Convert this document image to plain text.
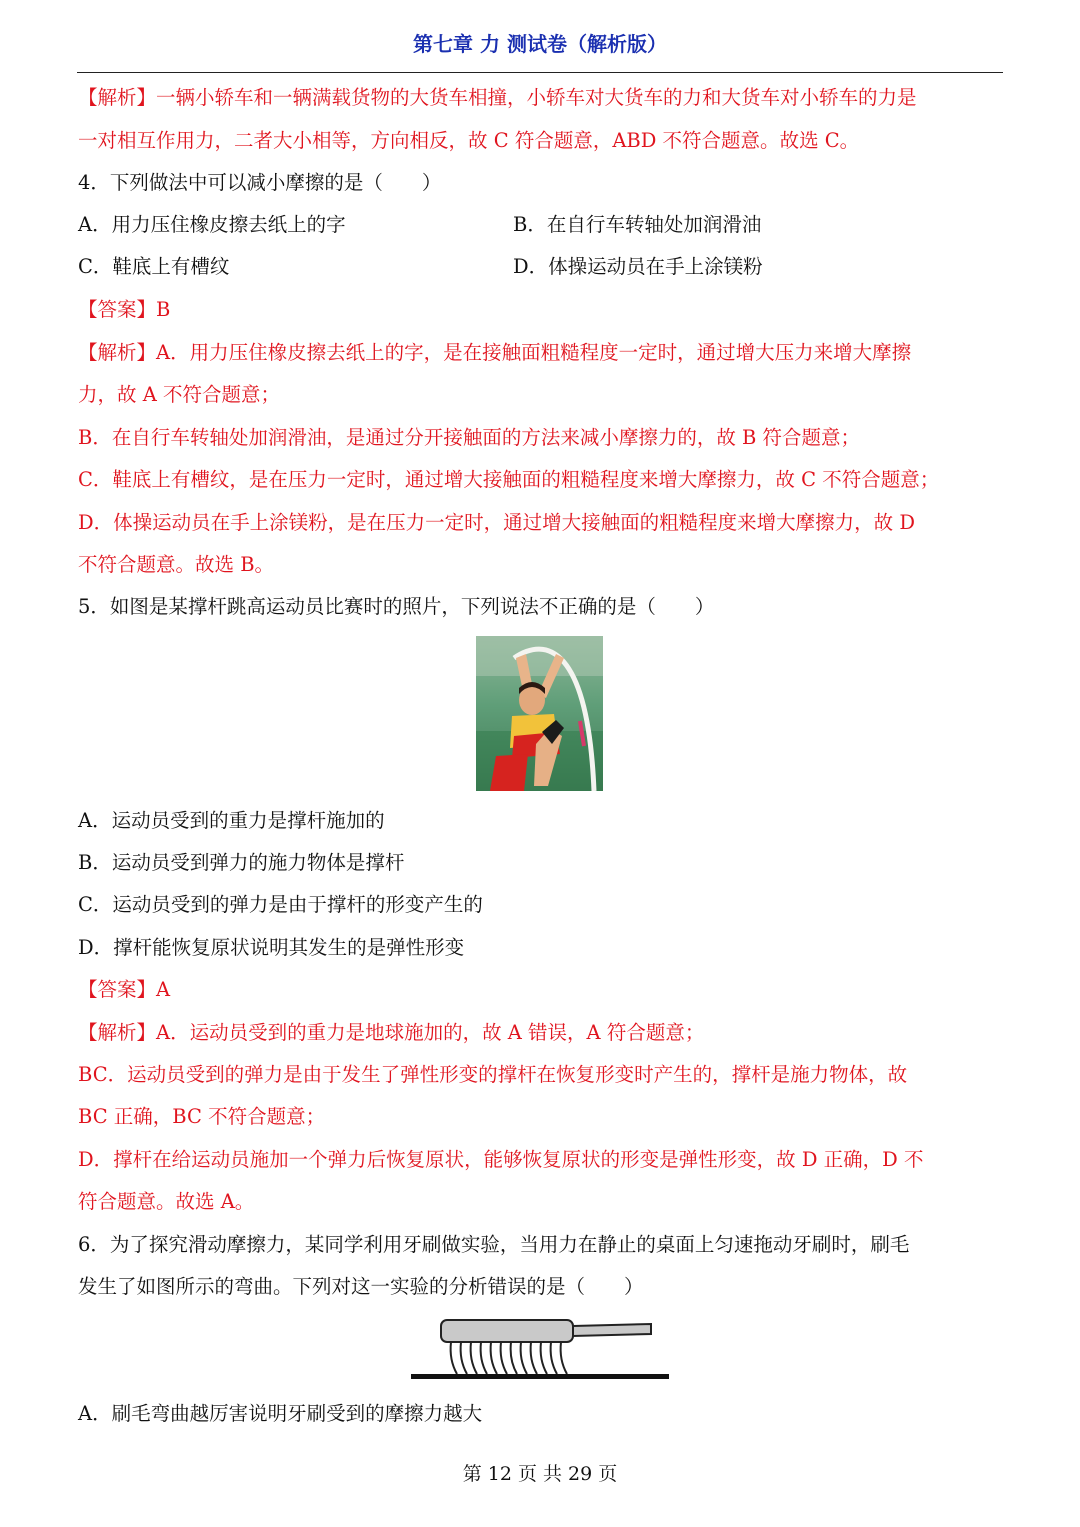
第七章 力 测试卷（解析版）
【解析】一辆小轿车和一辆满载货物的大货车相撞，小轿车对大货车的力和大货车对小轿车的力是
一对相互作用力，二者大小相等，方向相反，故 C 符合题意，ABD 不符合题意。故选 C。
4．下列做法中可以减小摩擦的是（　　）
A．用力压住橡皮擦去纸上的字	B．在自行车转轴处加润滑油
C．鞋底上有槽纹	D．体操运动员在手上涂镁粉
【答案】B
【解析】A．用力压住橡皮擦去纸上的字，是在接触面粗糙程度一定时，通过增大压力来增大摩擦
力，故 A 不符合题意；
B．在自行车转轴处加润滑油，是通过分开接触面的方法来减小摩擦力的，故 B 符合题意；
C．鞋底上有槽纹，是在压力一定时，通过增大接触面的粗糙程度来增大摩擦力，故 C 不符合题意；
D．体操运动员在手上涂镁粉，是在压力一定时，通过增大接触面的粗糙程度来增大摩擦力，故 D
不符合题意。故选 B。
5．如图是某撑杆跳高运动员比赛时的照片，下列说法不正确的是（　　）
A．运动员受到的重力是撑杆施加的
B．运动员受到弹力的施力物体是撑杆
C．运动员受到的弹力是由于撑杆的形变产生的
D．撑杆能恢复原状说明其发生的是弹性形变
【答案】A
【解析】A．运动员受到的重力是地球施加的，故 A 错误，A 符合题意；
BC．运动员受到的弹力是由于发生了弹性形变的撑杆在恢复形变时产生的，撑杆是施力物体，故
BC 正确，BC 不符合题意；
D．撑杆在给运动员施加一个弹力后恢复原状，能够恢复原状的形变是弹性形变，故 D 正确，D 不
符合题意。故选 A。
6．为了探究滑动摩擦力，某同学利用牙刷做实验，当用力在静止的桌面上匀速拖动牙刷时，刷毛
发生了如图所示的弯曲。下列对这一实验的分析错误的是（　　）
A．刷毛弯曲越厉害说明牙刷受到的摩擦力越大
第 12 页 共 29 页
